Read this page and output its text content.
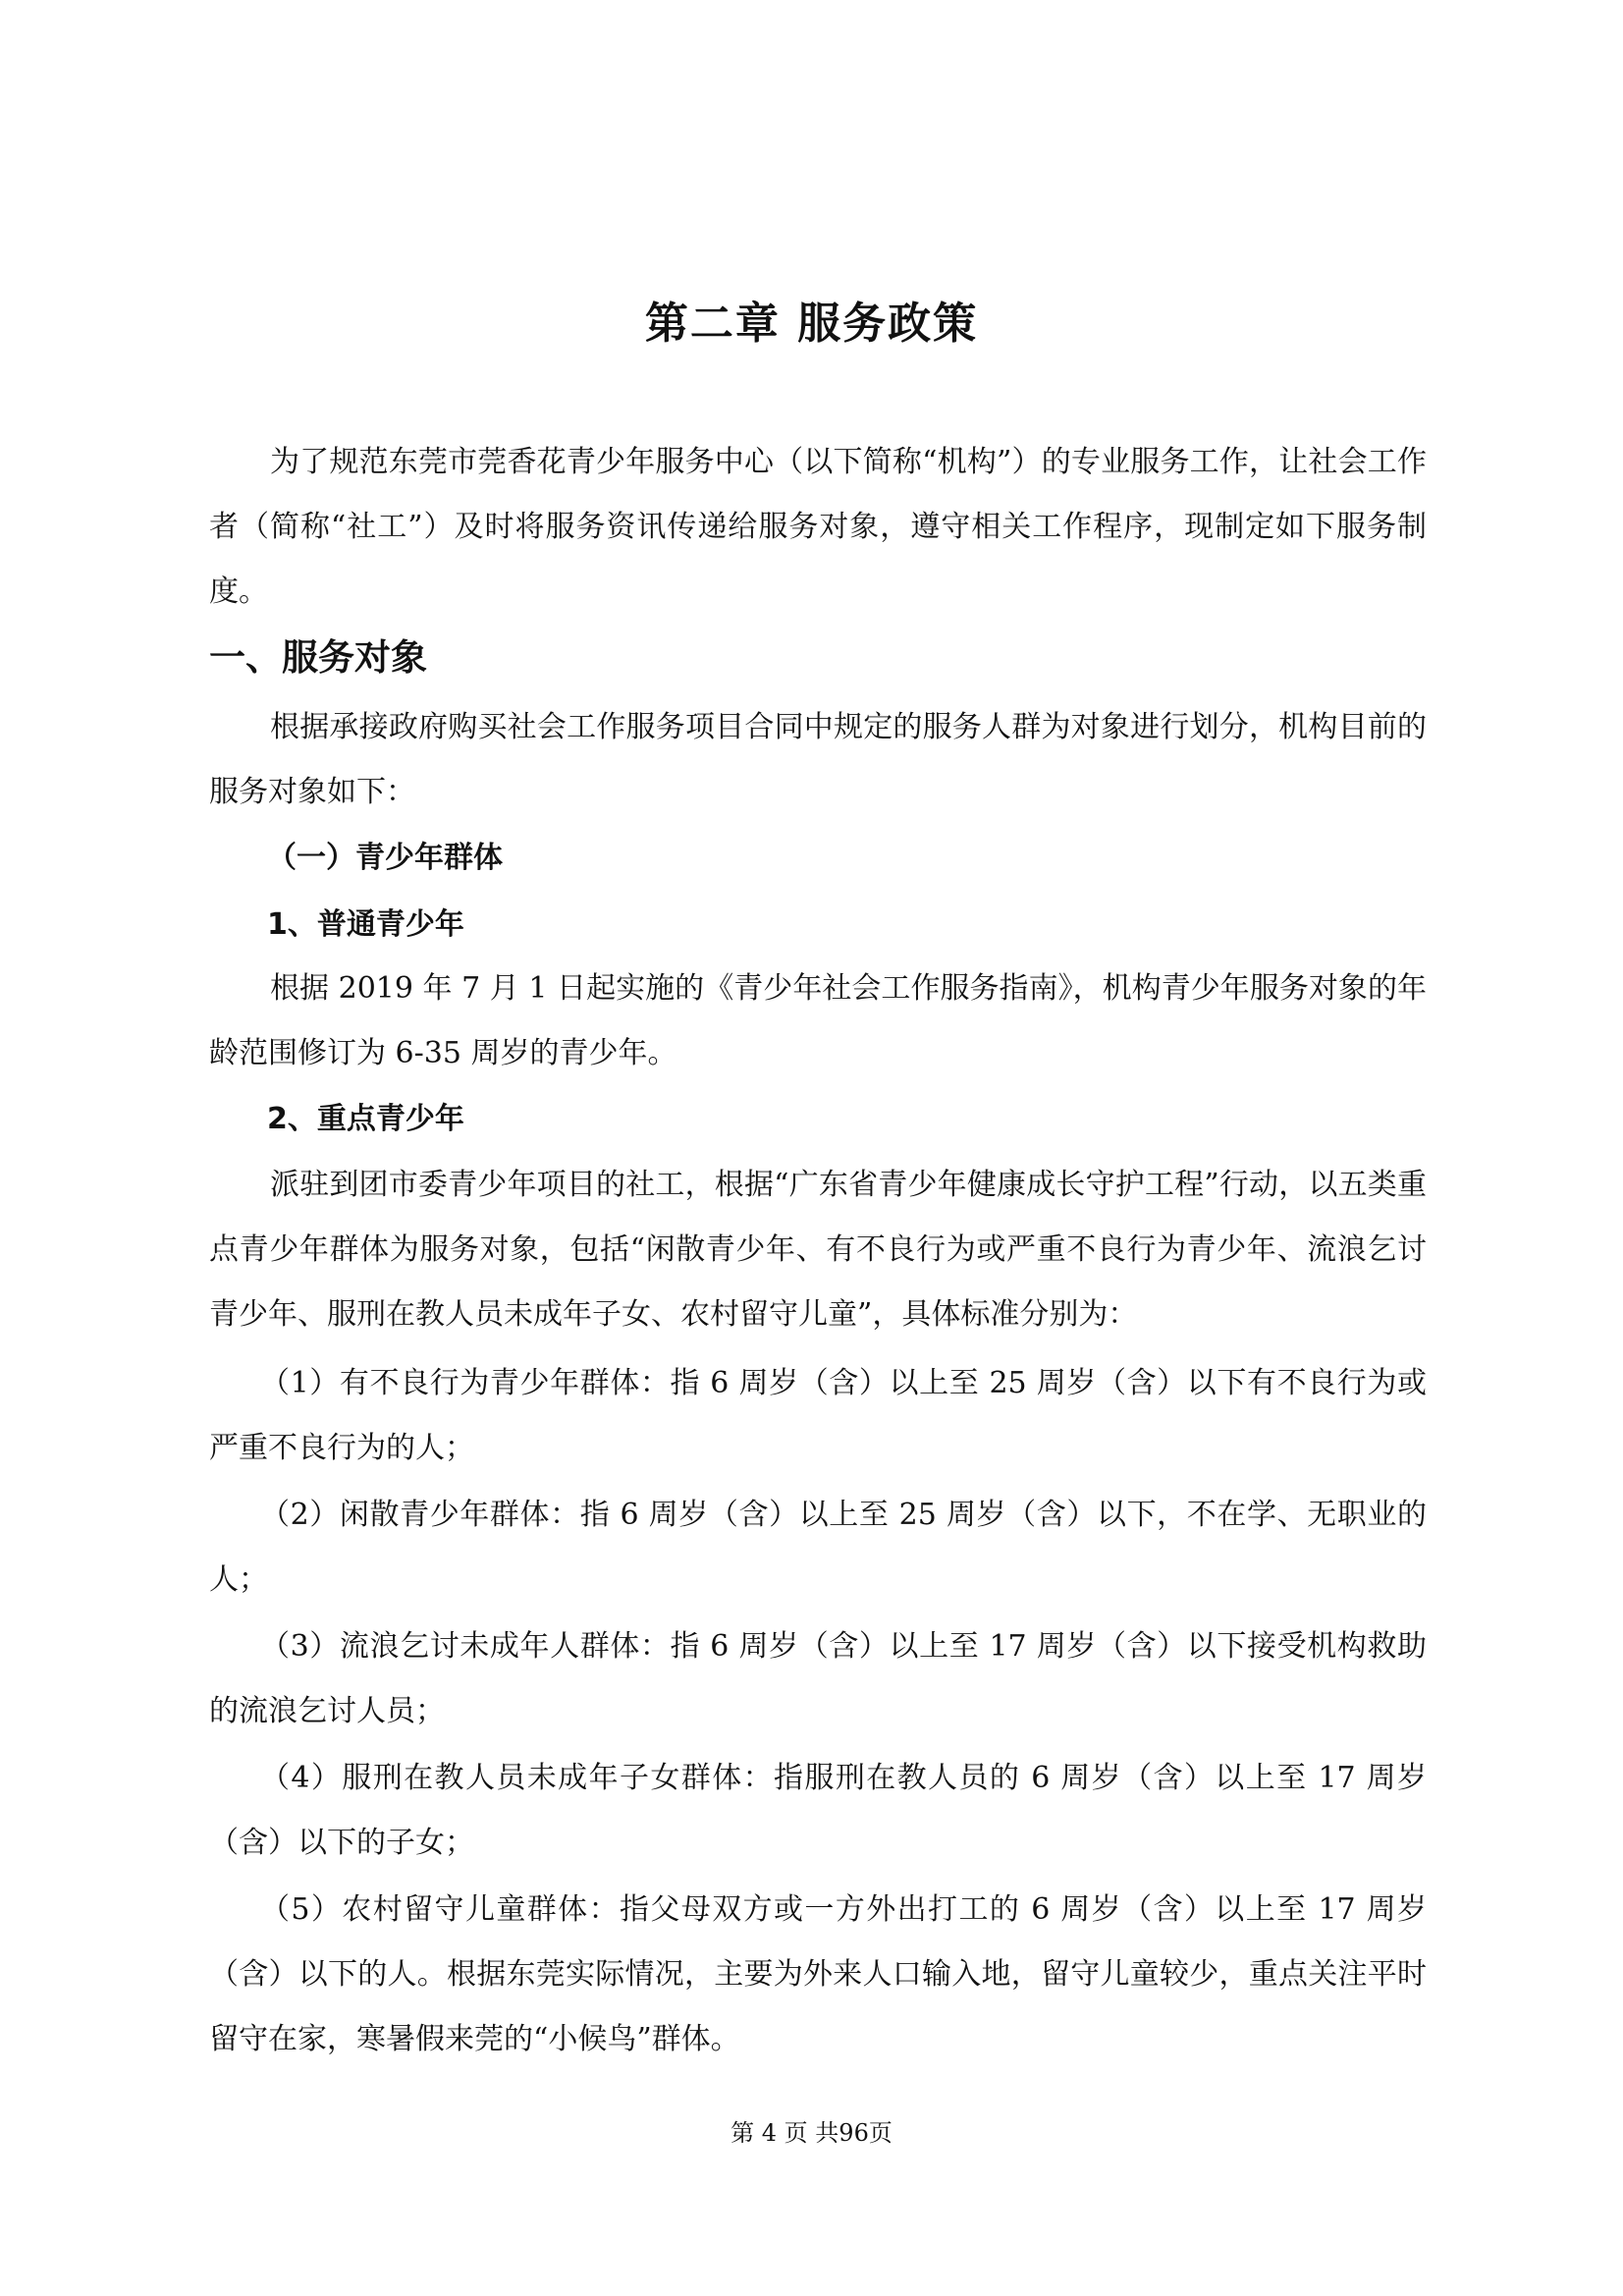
第二章 服务政策

为了规范东莞市莞香花青少年服务中心（以下简称“机构”）的专业服务工作，让社会工作者（简称“社工”）及时将服务资讯传递给服务对象，遵守相关工作程序，现制定如下服务制度。

一、服务对象

根据承接政府购买社会工作服务项目合同中规定的服务人群为对象进行划分，机构目前的服务对象如下：

（一）青少年群体
1、普通青少年

根据 2019 年 7 月 1 日起实施的《青少年社会工作服务指南》，机构青少年服务对象的年龄范围修订为 6-35 周岁的青少年。

2、重点青少年

派驻到团市委青少年项目的社工，根据“广东省青少年健康成长守护工程”行动，以五类重点青少年群体为服务对象，包括“闲散青少年、有不良行为或严重不良行为青少年、流浪乞讨青少年、服刑在教人员未成年子女、农村留守儿童”，具体标准分别为：

（1）有不良行为青少年群体：指 6 周岁（含）以上至 25 周岁（含）以下有不良行为或严重不良行为的人；

（2）闲散青少年群体：指 6 周岁（含）以上至 25 周岁（含）以下，不在学、无职业的人；

（3）流浪乞讨未成年人群体：指 6 周岁（含）以上至 17 周岁（含）以下接受机构救助的流浪乞讨人员；

（4）服刑在教人员未成年子女群体：指服刑在教人员的 6 周岁（含）以上至 17 周岁（含）以下的子女；

（5）农村留守儿童群体：指父母双方或一方外出打工的 6 周岁（含）以上至 17 周岁（含）以下的人。根据东莞实际情况，主要为外来人口输入地，留守儿童较少，重点关注平时留守在家，寒暑假来莞的“小候鸟”群体。

第 4 页 共96页
